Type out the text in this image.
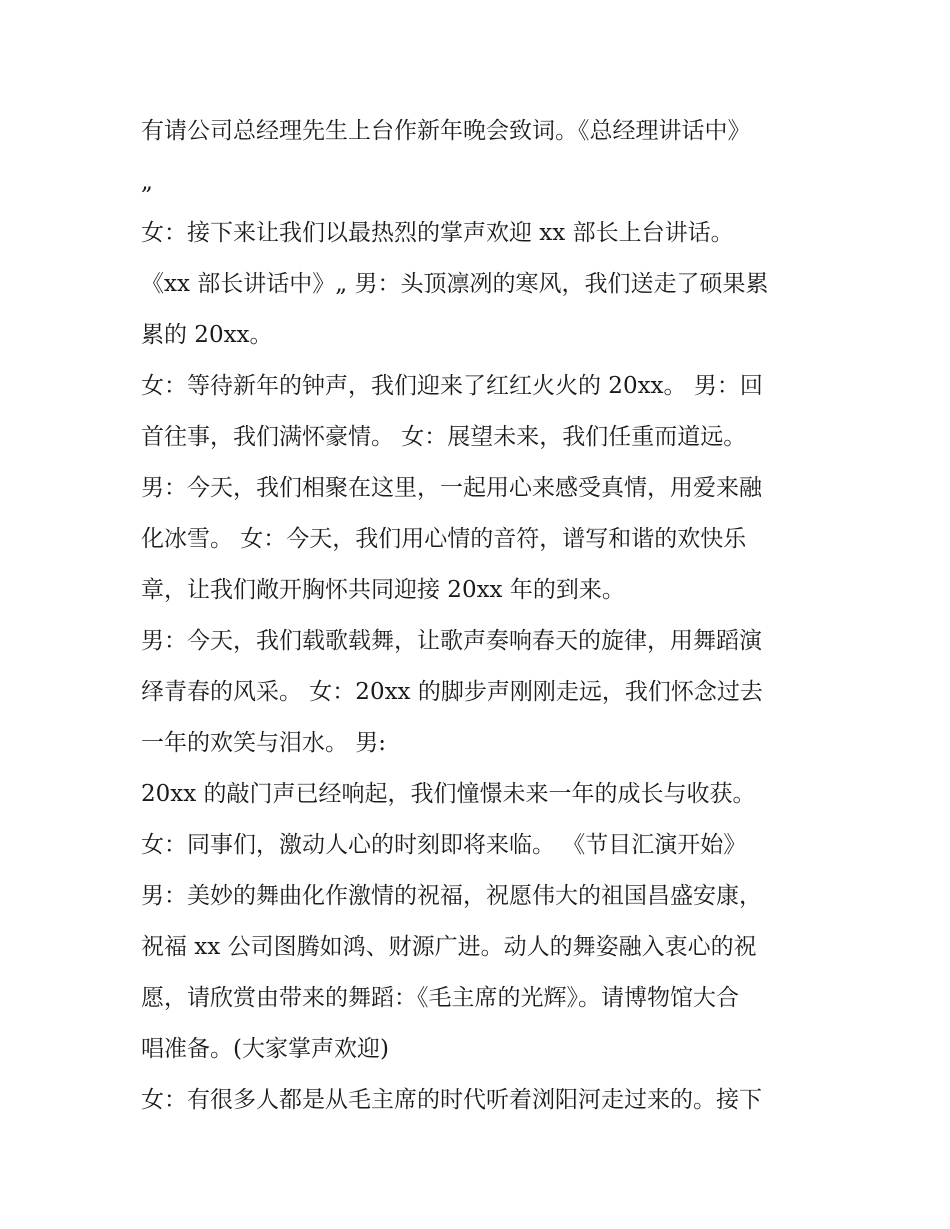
有请公司总经理先生上台作新年晚会致词。《总经理讲话中》
„
女：接下来让我们以最热烈的掌声欢迎 xx 部长上台讲话。
《xx 部长讲话中》„ 男：头顶凛冽的寒风，我们送走了硕果累
累的 20xx。
女：等待新年的钟声，我们迎来了红红火火的 20xx。 男：回
首往事，我们满怀豪情。 女：展望未来，我们任重而道远。
男：今天，我们相聚在这里，一起用心来感受真情，用爱来融
化冰雪。 女：今天，我们用心情的音符，谱写和谐的欢快乐
章，让我们敞开胸怀共同迎接 20xx 年的到来。
男：今天，我们载歌载舞，让歌声奏响春天的旋律，用舞蹈演
绎青春的风采。 女：20xx 的脚步声刚刚走远，我们怀念过去
一年的欢笑与泪水。 男:
20xx 的敲门声已经响起，我们憧憬未来一年的成长与收获。
女：同事们，激动人心的时刻即将来临。 《节目汇演开始》
男：美妙的舞曲化作激情的祝福，祝愿伟大的祖国昌盛安康，
祝福 xx 公司图腾如鸿、财源广进。动人的舞姿融入衷心的祝
愿，请欣赏由带来的舞蹈：《毛主席的光辉》。请博物馆大合
唱准备。(大家掌声欢迎)
女：有很多人都是从毛主席的时代听着浏阳河走过来的。接下
